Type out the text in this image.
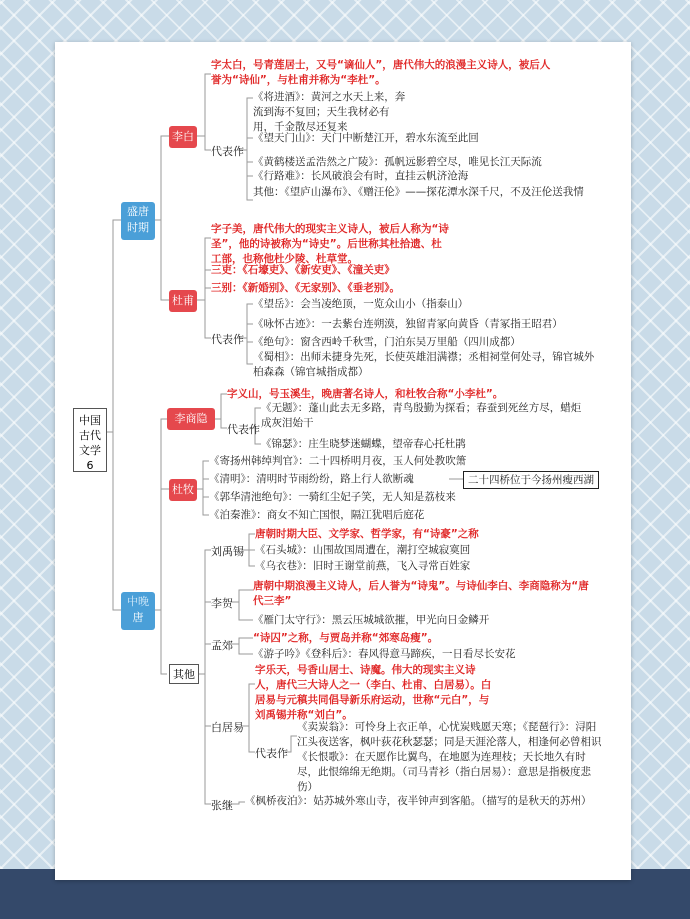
中国
古代
文学
6
盛唐
时期
中晚
唐
李白
字太白，号青莲居士，又号“谪仙人”，唐代伟大的浪漫主义诗人，被后人誉为“诗仙”，与杜甫并称为“李杜”。
代表作
《将进酒》：黄河之水天上来，奔流到海不复回；天生我材必有用，千金散尽还复来
《望天门山》：天门中断楚江开，碧水东流至此回
《黄鹤楼送孟浩然之广陵》：孤帆远影碧空尽，唯见长江天际流
《行路难》：长风破浪会有时，直挂云帆济沧海
其他：《望庐山瀑布》、《赠汪伦》——探花潭水深千尺，不及汪伦送我情
杜甫
字子美，唐代伟大的现实主义诗人，被后人称为“诗圣”，他的诗被称为“诗史”。后世称其杜拾遗、杜工部，也称他杜少陵、杜草堂。
三吏：《石壕吏》、《新安吏》、《潼关吏》
三别：《新婚别》、《无家别》、《垂老别》。
代表作
《望岳》：会当凌绝顶，一览众山小（指泰山）
《咏怀古迹》：一去紫台连朔漠，独留青冢向黄昏（青冢指王昭君）
《绝句》：窗含西岭千秋雪，门泊东吴万里船（四川成都）
《蜀相》：出师未捷身先死，长使英雄泪满襟；丞相祠堂何处寻，锦官城外柏森森（锦官城指成都）
李商隐
字义山，号玉溪生，晚唐著名诗人，和杜牧合称“小李杜”。
代表作
《无题》：蓬山此去无多路，青鸟殷勤为探看；春蚕到死丝方尽，蜡炬成灰泪始干
《锦瑟》：庄生晓梦迷蝴蝶，望帝春心托杜鹃
杜牧
《寄扬州韩绰判官》：二十四桥明月夜，玉人何处教吹箫
《清明》：清明时节雨纷纷，路上行人欲断魂
《郭华清池绝句》：一骑红尘妃子笑，无人知是荔枝来
《泊秦淮》：商女不知亡国恨，隔江犹唱后庭花
二十四桥位于今扬州瘦西湖
其他
刘禹锡
唐朝时期大臣、文学家、哲学家，有“诗豪”之称
《石头城》：山围故国周遭在，潮打空城寂寞回
《乌衣巷》：旧时王谢堂前燕，飞入寻常百姓家
李贺
唐朝中期浪漫主义诗人，后人誉为“诗鬼”。与诗仙李白、李商隐称为“唐代三李”
《雁门太守行》：黑云压城城欲摧，甲光向日金鳞开
孟郊
“诗囚”之称，与贾岛并称“郊寒岛瘦”。
《游子吟》《登科后》：春风得意马蹄疾，一日看尽长安花
白居易
字乐天，号香山居士、诗魔。伟大的现实主义诗人，唐代三大诗人之一（李白、杜甫、白居易）。白居易与元稹共同倡导新乐府运动，世称“元白”，与刘禹锡并称“刘白”。
代表作
《卖炭翁》：可怜身上衣正单，心忧炭贱愿天寒；《琵琶行》：浔阳江头夜送客，枫叶荻花秋瑟瑟；同是天涯沦落人，相逢何必曾相识《长恨歌》：在天愿作比翼鸟，在地愿为连理枝；天长地久有时尽，此恨绵绵无绝期。（司马青衫（指白居易）：意思是指极度悲伤）
张继 《枫桥夜泊》：姑苏城外寒山寺，夜半钟声到客船。（描写的是秋天的苏州）
